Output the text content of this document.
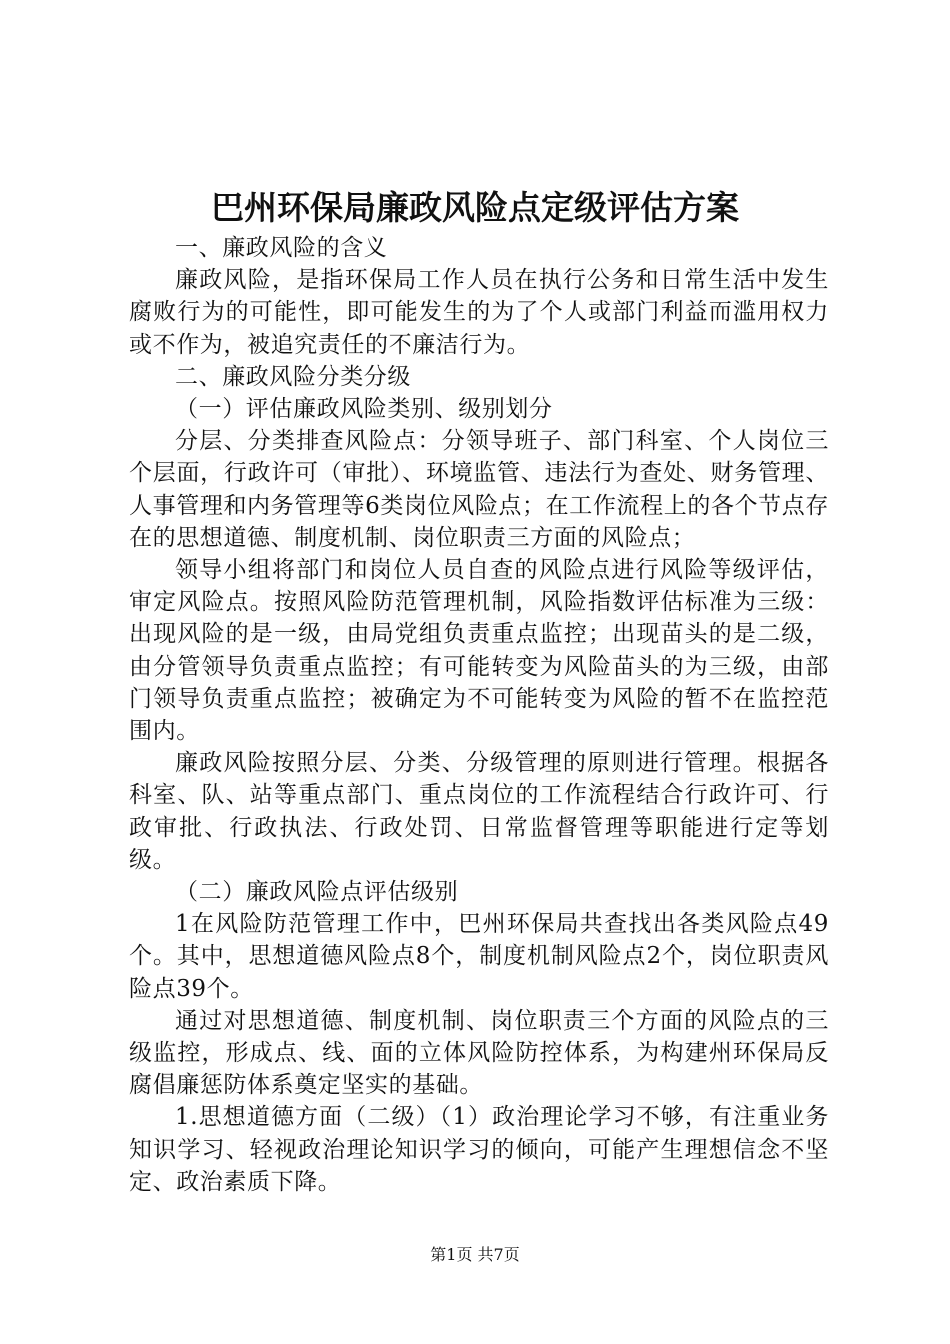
巴州环保局廉政风险点定级评估方案

一、廉政风险的含义

廉政风险，是指环保局工作人员在执行公务和日常生活中发生腐败行为的可能性，即可能发生的为了个人或部门利益而滥用权力或不作为，被追究责任的不廉洁行为。

二、廉政风险分类分级

（一）评估廉政风险类别、级别划分

分层、分类排查风险点：分领导班子、部门科室、个人岗位三个层面，行政许可（审批）、环境监管、违法行为查处、财务管理、人事管理和内务管理等6类岗位风险点；在工作流程上的各个节点存在的思想道德、制度机制、岗位职责三方面的风险点；

领导小组将部门和岗位人员自查的风险点进行风险等级评估，审定风险点。按照风险防范管理机制，风险指数评估标准为三级：出现风险的是一级，由局党组负责重点监控；出现苗头的是二级，由分管领导负责重点监控；有可能转变为风险苗头的为三级，由部门领导负责重点监控；被确定为不可能转变为风险的暂不在监控范围内。

廉政风险按照分层、分类、分级管理的原则进行管理。根据各科室、队、站等重点部门、重点岗位的工作流程结合行政许可、行政审批、行政执法、行政处罚、日常监督管理等职能进行定等划级。

（二）廉政风险点评估级别

1在风险防范管理工作中，巴州环保局共查找出各类风险点49个。其中，思想道德风险点8个，制度机制风险点2个，岗位职责风险点39个。

通过对思想道德、制度机制、岗位职责三个方面的风险点的三级监控，形成点、线、面的立体风险防控体系，为构建州环保局反腐倡廉惩防体系奠定坚实的基础。

1.思想道德方面（二级）（1）政治理论学习不够，有注重业务知识学习、轻视政治理论知识学习的倾向，可能产生理想信念不坚定、政治素质下降。

第1页 共7页
